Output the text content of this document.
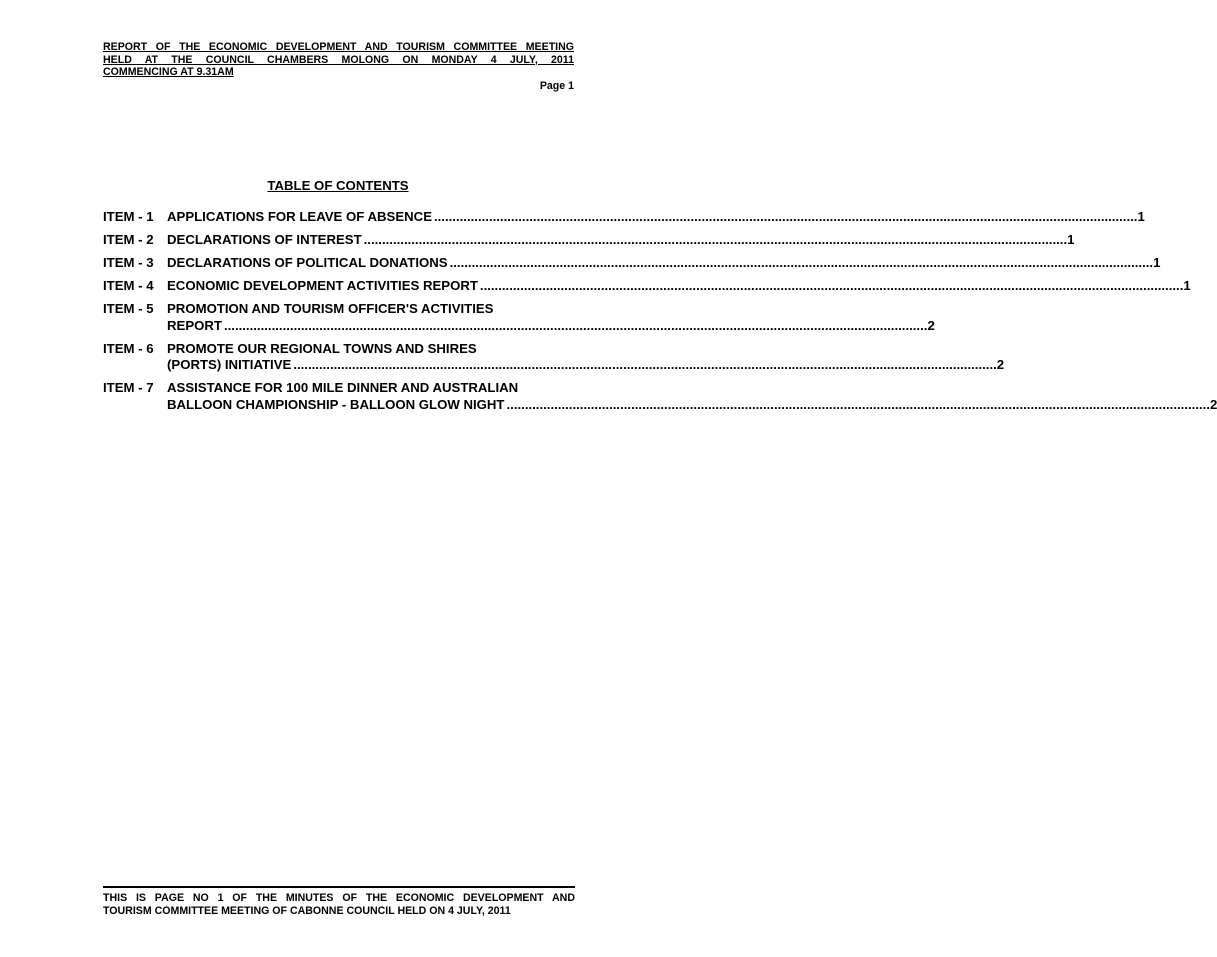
REPORT OF THE ECONOMIC DEVELOPMENT AND TOURISM COMMITTEE MEETING
HELD AT THE COUNCIL CHAMBERS MOLONG ON MONDAY 4 JULY, 2011
COMMENCING AT 9.31AM
Page 1
TABLE OF CONTENTS
ITEM - 1	APPLICATIONS FOR LEAVE OF ABSENCE .....	1
ITEM - 2	DECLARATIONS OF INTEREST .....	1
ITEM - 3	DECLARATIONS OF POLITICAL DONATIONS .....	1
ITEM - 4	ECONOMIC DEVELOPMENT ACTIVITIES REPORT .....	1
ITEM - 5	PROMOTION AND TOURISM OFFICER'S ACTIVITIES
REPORT .....	2
ITEM - 6	PROMOTE OUR REGIONAL TOWNS AND SHIRES
(PORTS) INITIATIVE .....	2
ITEM - 7	ASSISTANCE FOR 100 MILE DINNER AND AUSTRALIAN
BALLOON CHAMPIONSHIP - BALLOON GLOW NIGHT .....	2
THIS IS PAGE NO 1 OF THE MINUTES OF THE ECONOMIC DEVELOPMENT AND
TOURISM COMMITTEE MEETING OF CABONNE COUNCIL HELD ON 4 JULY, 2011
